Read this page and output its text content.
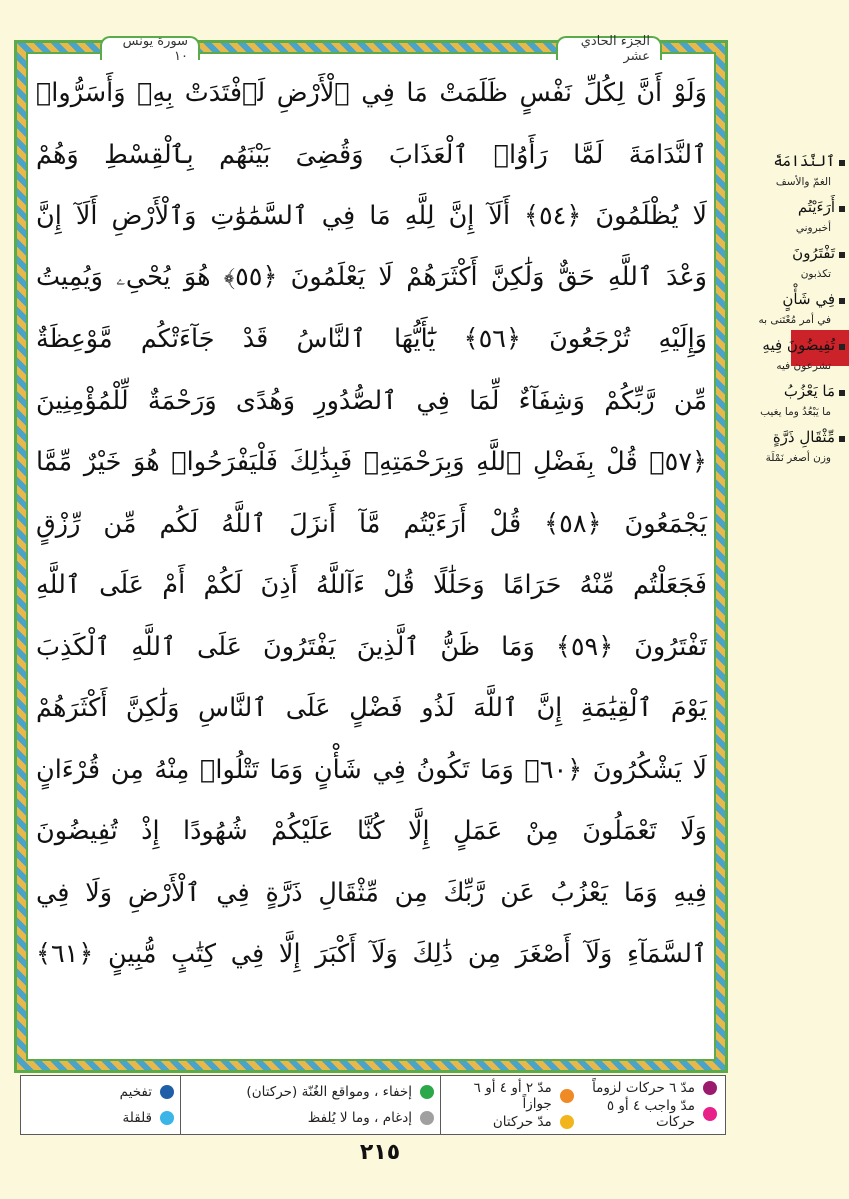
الجزء الحادي عشر
سورة يونس ١٠
وَلَوْ أَنَّ لِكُلِّ نَفْسٍ ظَلَمَتْ مَا فِي ٱلْأَرْضِ لَٱفْتَدَتْ بِهِۦ وَأَسَرُّوا۟
ٱلنَّدَامَةَ لَمَّا رَأَوُا۟ ٱلْعَذَابَ وَقُضِىَ بَيْنَهُم بِٱلْقِسْطِ وَهُمْ
لَا يُظْلَمُونَ ﴿٥٤﴾ أَلَآ إِنَّ لِلَّهِ مَا فِي ٱلسَّمَٰوَٰتِ وَٱلْأَرْضِ أَلَآ إِنَّ
وَعْدَ ٱللَّهِ حَقٌّ وَلَٰكِنَّ أَكْثَرَهُمْ لَا يَعْلَمُونَ ﴿٥٥﴾ هُوَ يُحْىِۦ وَيُمِيتُ
وَإِلَيْهِ تُرْجَعُونَ ﴿٥٦﴾ يَٰٓأَيُّهَا ٱلنَّاسُ قَدْ جَآءَتْكُم مَّوْعِظَةٌ
مِّن رَّبِّكُمْ وَشِفَآءٌ لِّمَا فِي ٱلصُّدُورِ وَهُدًى وَرَحْمَةٌ لِّلْمُؤْمِنِينَ
﴿٥٧﴾ قُلْ بِفَضْلِ ٱللَّهِ وَبِرَحْمَتِهِۦ فَبِذَٰلِكَ فَلْيَفْرَحُوا۟ هُوَ خَيْرٌ مِّمَّا
يَجْمَعُونَ ﴿٥٨﴾ قُلْ أَرَءَيْتُم مَّآ أَنزَلَ ٱللَّهُ لَكُم مِّن رِّزْقٍ
فَجَعَلْتُم مِّنْهُ حَرَامًا وَحَلَٰلًا قُلْ ءَآللَّهُ أَذِنَ لَكُمْ أَمْ عَلَى ٱللَّهِ
تَفْتَرُونَ ﴿٥٩﴾ وَمَا ظَنُّ ٱلَّذِينَ يَفْتَرُونَ عَلَى ٱللَّهِ ٱلْكَذِبَ
يَوْمَ ٱلْقِيَٰمَةِ إِنَّ ٱللَّهَ لَذُو فَضْلٍ عَلَى ٱلنَّاسِ وَلَٰكِنَّ أَكْثَرَهُمْ
لَا يَشْكُرُونَ ﴿٦٠﴾ وَمَا تَكُونُ فِي شَأْنٍ وَمَا تَتْلُوا۟ مِنْهُ مِن قُرْءَانٍ
وَلَا تَعْمَلُونَ مِنْ عَمَلٍ إِلَّا كُنَّا عَلَيْكُمْ شُهُودًا إِذْ تُفِيضُونَ
فِيهِ وَمَا يَعْزُبُ عَن رَّبِّكَ مِن مِّثْقَالِ ذَرَّةٍ فِي ٱلْأَرْضِ وَلَا فِي
ٱلسَّمَآءِ وَلَآ أَصْغَرَ مِن ذَٰلِكَ وَلَآ أَكْبَرَ إِلَّا فِي كِتَٰبٍ مُّبِينٍ ﴿٦١﴾
ٱلنَّدَامَةَ
الغمّ والأسف
أَرَءَيْتُم
أخبروني
تَفْتَرُونَ
تكذبون
فِي شَأْنٍ
في أمر مُعْتَنى به
تُفِيضُونَ فِيهِ
تشرعون فيه
مَا يَعْزُبُ
ما يَبْعُدُ وما يغيب
مِّثْقَالِ ذَرَّةٍ
وزن أصغر نَمْلَة
مدّ ٦ حركات لزوماً
مدّ واجب ٤ أو ٥ حركات
مدّ ٢ أو ٤ أو ٦ جوازاً
مدّ حركتان
إخفاء ، ومواقع الغُنّة (حركتان)
إدغام ، وما لا يُلفظ
تفخيم
قلقلة
٢١٥
